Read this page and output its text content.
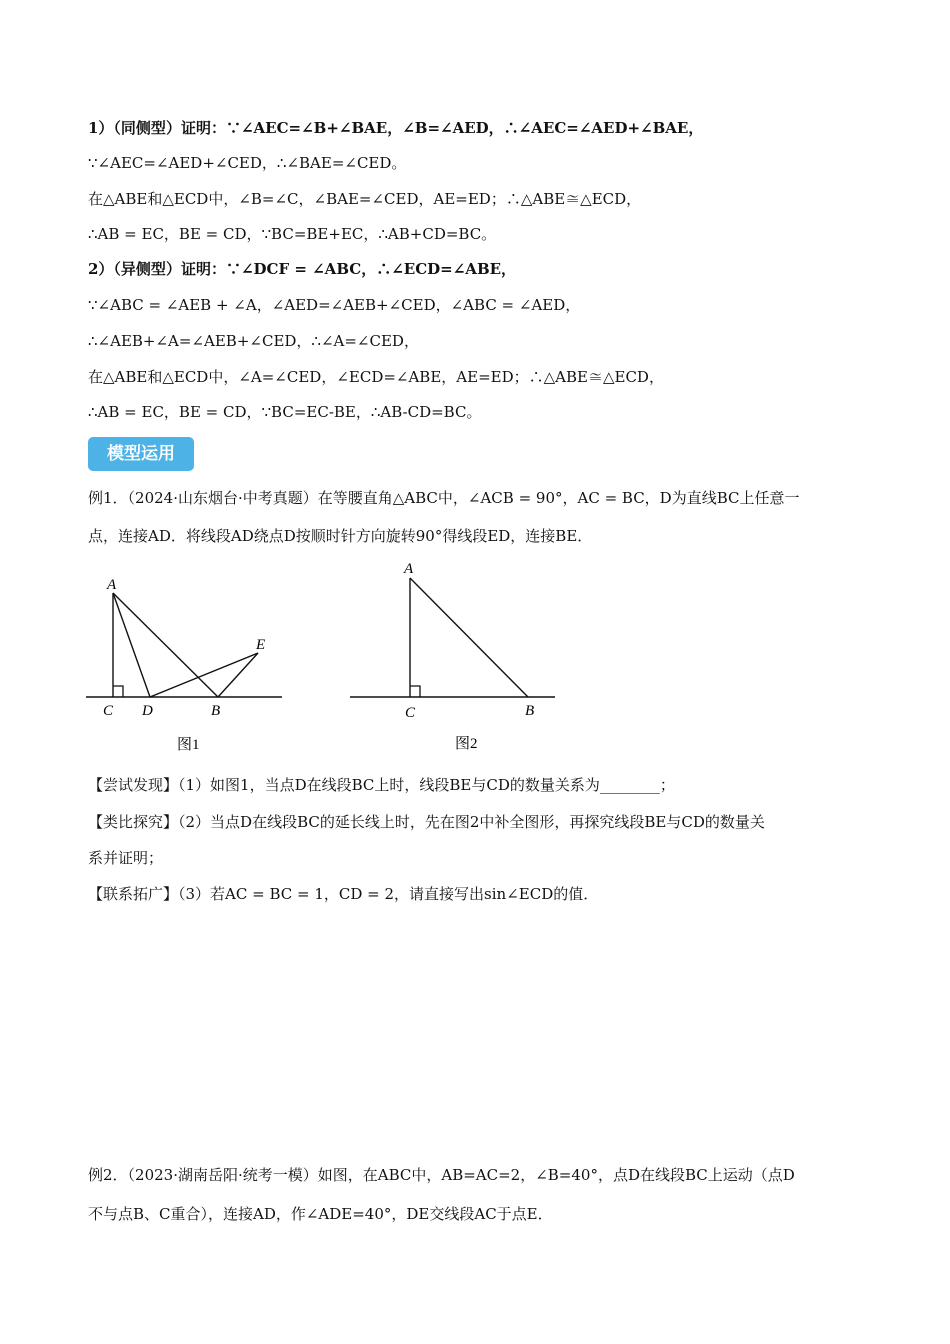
1）（同侧型）证明：∵∠AEC=∠B+∠BAE，∠B=∠AED，∴∠AEC=∠AED+∠BAE，
∵∠AEC=∠AED+∠CED，∴∠BAE=∠CED。
在△ABE和△ECD中，∠B=∠C，∠BAE=∠CED，AE=ED；∴△ABE≅△ECD，
∴AB = EC，BE = CD，∵BC=BE+EC，∴AB+CD=BC。
2）（异侧型）证明：∵∠DCF = ∠ABC，∴∠ECD=∠ABE，
∵∠ABC = ∠AEB + ∠A，∠AED=∠AEB+∠CED，∠ABC = ∠AED，
∴∠AEB+∠A=∠AEB+∠CED，∴∠A=∠CED，
在△ABE和△ECD中，∠A=∠CED，∠ECD=∠ABE，AE=ED；∴△ABE≅△ECD，
∴AB = EC，BE = CD，∵BC=EC-BE，∴AB-CD=BC。
模型运用
例1．（2024·山东烟台·中考真题）在等腰直角△ABC中，∠ACB = 90°，AC = BC，D为直线BC上任意一
点，连接AD．将线段AD绕点D按顺时针方向旋转90°得线段ED，连接BE．
A
C D	B
E
图1
A
C	B
图2
【尝试发现】（1）如图1，当点D在线段BC上时，线段BE与CD的数量关系为________；
【类比探究】（2）当点D在线段BC的延长线上时，先在图2中补全图形，再探究线段BE与CD的数量关
系并证明；
【联系拓广】（3）若AC = BC = 1，CD = 2，请直接写出sin∠ECD的值．
例2．（2023·湖南岳阳·统考一模）如图，在ABC中，AB=AC=2，∠B=40°，点D在线段BC上运动（点D
不与点B、C重合），连接AD，作∠ADE=40°，DE交线段AC于点E．
